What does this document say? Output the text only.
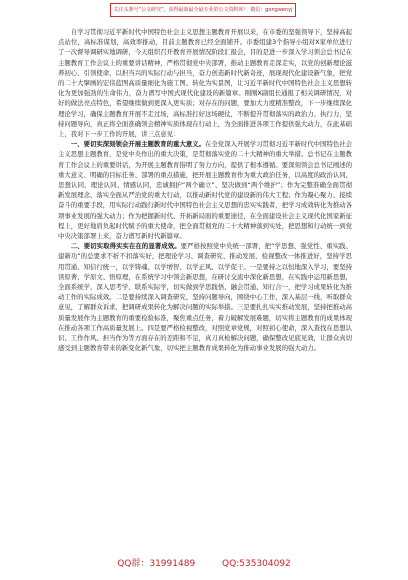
关注头条号“公文研究”，获得最新最全最专业的公文资料库！ 微信：gongwenyj

自学习贯彻习近平新时代中国特色社会主义思想主题教育开展以来，在市委的坚强领导下，坚持高起点站位，高标准谋划，高效率推动，目前主题教育已经全面铺开。市委组建3个指导小组对X家单位进行了一次督导调研实地调研，今天组织召开教育开展情况阶段汇报会，目的是进一步深入学习领会总书记在主题教育工作会议上的重要讲话精神，严格贯彻党中央部署，推动主题教育走深走实，以党的创新理论滋养初心、引领使命，以担当兴的实际行动与担当，奋力创造新时代新奇迹，展现现代化建设新气象，把党的二十大擘画的宏伟蓝图高质量细化为施工图、转化为实景图，让习近平新时代中国特色社会主义思想转化为更加强劲的生命伟力，奋力谱写中国式现代化建设的新篇章。刚刚X副组长通报了相关调研情况，对好的做法亮点特色，希望继续做到更深入更实质；对存在的问题，要加大力度精准整改，下一步继续深化理论学习，确保主题教育开展不走过场，高标准打好这场硬仗，不断提升贯彻落实的政治力、执行力，坚持问题导向，真正将全面准确领会精神实质体现在行动上，为全面推进各项工作提供强大动力，在此基础上，我对下一步工作的开展，讲三点意见：

一、要切实深刻领会开展主题教育的重大意义。在全党深入开展学习贯彻习近平新时代中国特色社会主义思想主题教育，是党中央作出的重大决策，是贯彻落实党的二十大精神的重大举措。总书记在主题教育工作会议上的重要讲话，为开展主题教育指明了努力方向，提供了根本遵循。要深刻领会总书记阐述的重大意义、明确的目标任务、部署的重点措施，把开展主题教育作为重大政治任务，以高度的政治认同、思想认同、理论认同、情感认同，忠诚拥护“两个确立”、坚决做到“两个维护”；作为完整准确全面贯彻新发展理念、落实全面从严治党的重大行动，以推动新时代党的建设新的伟大工程；作为凝心聚力、接续奋斗的重要手段，用实际行动践行新时代中国特色社会主义思想的忠实实践者，把学习成效转化为推动各项事业发展的强大动力；作为把握新时代、开拓新局面的重要途径，在全面建设社会主义现代化国家新征程上，更好地肩负起时代赋予的重大使命，把全面贯彻党的二十大精神落到实处，把思想和行动统一到党中央决策部署上来，奋力谱写新时代新篇章。

二、要切实取得实实在在的显著成效。要严格按照党中央统一部署，把“学思想、强党性、重实践、建新功”的总要求不折不扣落实好，把理论学习、调查研究、推动发展、检视整改一体推进好，坚持学思用贯通、知信行统一，以学铸魂、以学增智、以学正风、以学促干。一是要持之以恒地深入学习，要坚持读原著、学原文、悟原理，在系统学习中领会新思想，在研讨交流中深化新思想，在实践中运用新思想，全面系统学、深入思考学、联系实际学，切实做到学思践悟、融会贯通、知行合一，把学习成果转化为推动工作的实际成效。二是要持续深入调查研究，坚持问题导向，围绕中心工作，深入基层一线，听取群众意见，了解群众诉求，把调研成果转化为解决问题的实际举措。三是要扎扎实实推动发展，坚持把推动高质量发展作为主题教育的重要检验标准，聚焦重点任务，着力破解发展难题，切实将主题教育的成果体现在推动各项工作高质量发展上。四是要严格检视整改，对照党章党规，对照初心使命，深入查找在思想认识、工作作风、担当作为等方面存在的差距和不足，真刀真枪解决问题，确保整改见底见效，让群众真切感受到主题教育带来的新变化新气象，切实把主题教育成果转化为推动事业发展的强大动力。

QQ群：31991489	QQ:535304092
